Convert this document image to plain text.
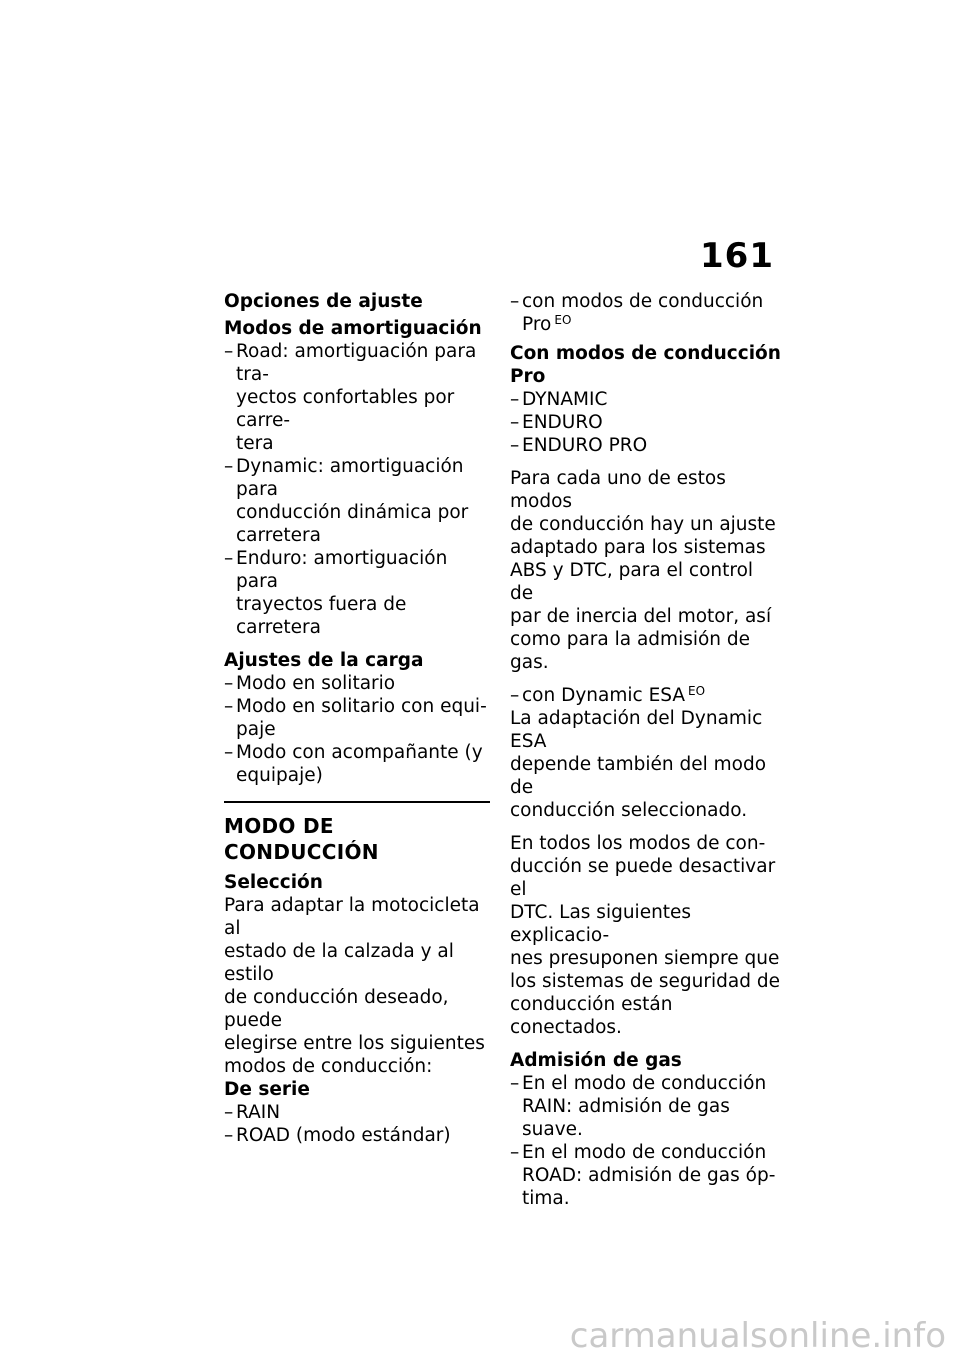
161
Opciones de ajuste
Modos de amortiguación
– Road: amortiguación para tra-
yectos confortables por carre-
tera
– Dynamic: amortiguación para
conducción dinámica por
carretera
– Enduro: amortiguación para
trayectos fuera de carretera
Ajustes de la carga
– Modo en solitario
– Modo en solitario con equi-
paje
– Modo con acompañante (y
equipaje)
MODO DE CONDUCCIÓN
Selección
Para adaptar la motocicleta al
estado de la calzada y al estilo
de conducción deseado, puede
elegirse entre los siguientes
modos de conducción:
De serie
– RAIN
– ROAD (modo estándar)
– con modos de conducción
Pro $^{EO}$
Con modos de conducción
Pro
– DYNAMIC
– ENDURO
– ENDURO PRO
Para cada uno de estos modos
de conducción hay un ajuste
adaptado para los sistemas
ABS y DTC, para el control de
par de inercia del motor, así
como para la admisión de gas.
– con Dynamic ESA $^{EO}$
La adaptación del Dynamic ESA
depende también del modo de
conducción seleccionado.
En todos los modos de con-
ducción se puede desactivar el
DTC. Las siguientes explicacio-
nes presuponen siempre que
los sistemas de seguridad de
conducción están conectados.
Admisión de gas
– En el modo de conducción
RAIN: admisión de gas suave.
– En el modo de conducción
ROAD: admisión de gas óp-
tima.
carmanualsonline.info
